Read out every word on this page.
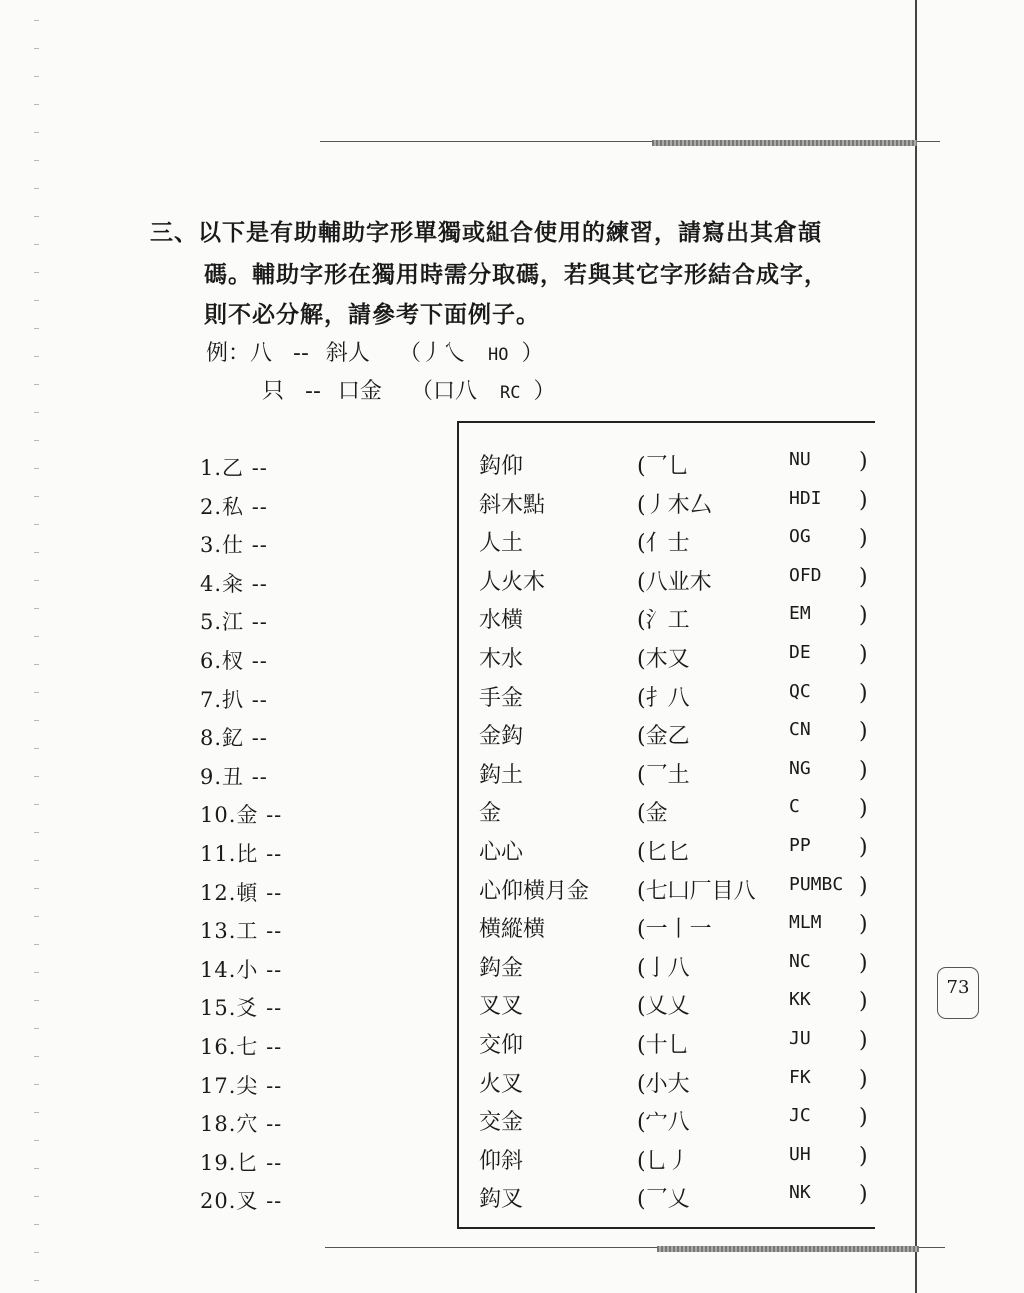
73
三、以下是有助輔助字形單獨或組合使用的練習，請寫出其倉頡
碼。輔助字形在獨用時需分取碼，若與其它字形結合成字，
則不必分解，請參考下面例子。
例：八 -- 斜人 （丿乀 HO ）
只 -- 口金 （口八 RC ）
1.乙 --
2.私 --
3.仕 --
4.籴 --
5.江 --
6.杈 --
7.扒 --
8.釔 --
9.丑 --
10.金 --
11.比 --
12.頓 --
13.工 --
14.小 --
15.爻 --
16.七 --
17.尖 --
18.穴 --
19.匕 --
20.叉 --
鈎仰	(乛乚	NU )
斜木點	(丿木厶	HDI )
人土	(亻士	OG )
人火木	(八业木	OFD )
水横	(氵工	EM )
木水	(木又	DE )
手金	(扌八	QC )
金鈎	(金乙	CN )
鈎土	(乛土	NG )
金	(金	C	)
心心	(匕匕	PP )
心仰横月金 (七凵厂目八 PUMBC )
横縱横	(一丨一	MLM )
鈎金	(亅八	NC )
叉叉	(乂乂	KK )
交仰	(十乚	JU )
火叉	(小大	FK )
交金	(宀八	JC )
仰斜	(乚丿	UH )
鈎叉	(乛乂	NK )
